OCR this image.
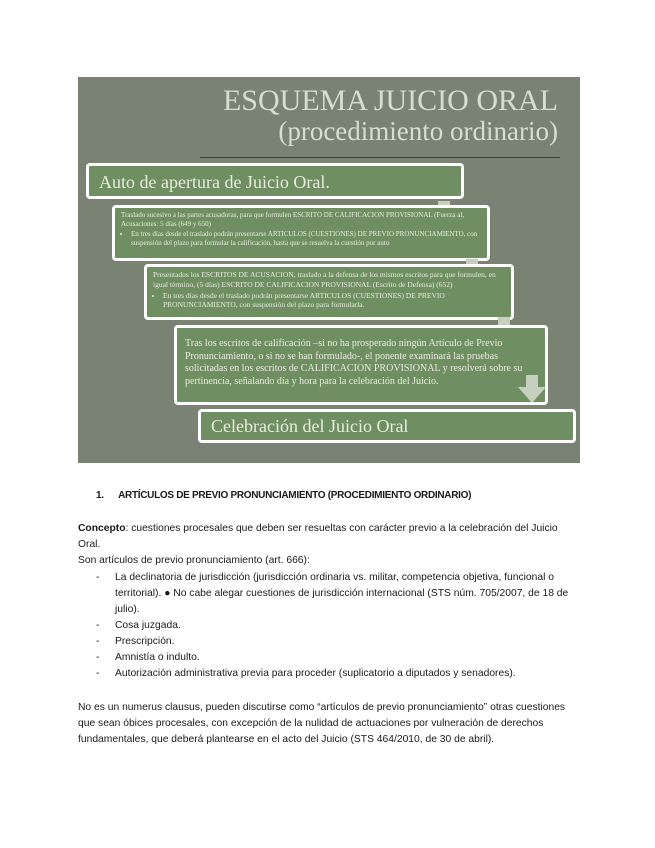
ESQUEMA JUICIO ORAL
(procedimiento ordinario)
Auto de apertura de Juicio Oral.
Traslado sucesivo a las partes acusadoras, para que formulen ESCRITO DE CALIFICACION PROVISIONAL (Fuerza al, Acusaciones: 5 días (649 y 650)
• En tres días desde el traslado podrán presentarse ARTICULOS (CUESTIONES) DE PREVIO PRONUNCIAMIENTO, con suspensión del plazo para formular la calificación, hasta que se resuelva la cuestión por auto
Presentados los ESCRITOS DE ACUSACION, traslado a la defensa de los mismos escritos para que formulen, en igual término, (5 días) ESCRITO DE CALIFICACION PROVISIONAL (Escrito de Defensa) (652)
• En tres días desde el traslado podrán presentarse ARTICULOS (CUESTIONES) DE PREVIO PRONUNCIAMIENTO, con suspensión del plazo para formularla.
Tras los escritos de calificación –si no ha prosperado ningún Artículo de Previo Pronunciamiento, o si no se han formulado-, el ponente examinará las pruebas solicitadas en los escritos de CALIFICACION PROVISIONAL y resolverá sobre su pertinencia, señalando día y hora para la celebración del Juicio.
Celebración del Juicio Oral
1. ARTÍCULOS DE PREVIO PRONUNCIAMIENTO (PROCEDIMIENTO ORDINARIO)
Concepto: cuestiones procesales que deben ser resueltas con carácter previo a la celebración del Juicio Oral.
Son artículos de previo pronunciamiento (art. 666):
- La declinatoria de jurisdicción (jurisdicción ordinaria vs. militar, competencia objetiva, funcional o territorial). ● No cabe alegar cuestiones de jurisdicción internacional (STS núm. 705/2007, de 18 de julio).
- Cosa juzgada.
- Prescripción.
- Amnistía o indulto.
- Autorización administrativa previa para proceder (suplicatorio a diputados y senadores).
No es un numerus clausus, pueden discutirse como “artículos de previo pronunciamiento” otras cuestiones que sean óbices procesales, con excepción de la nulidad de actuaciones por vulneración de derechos fundamentales, que deberá plantearse en el acto del Juicio (STS 464/2010, de 30 de abril).
